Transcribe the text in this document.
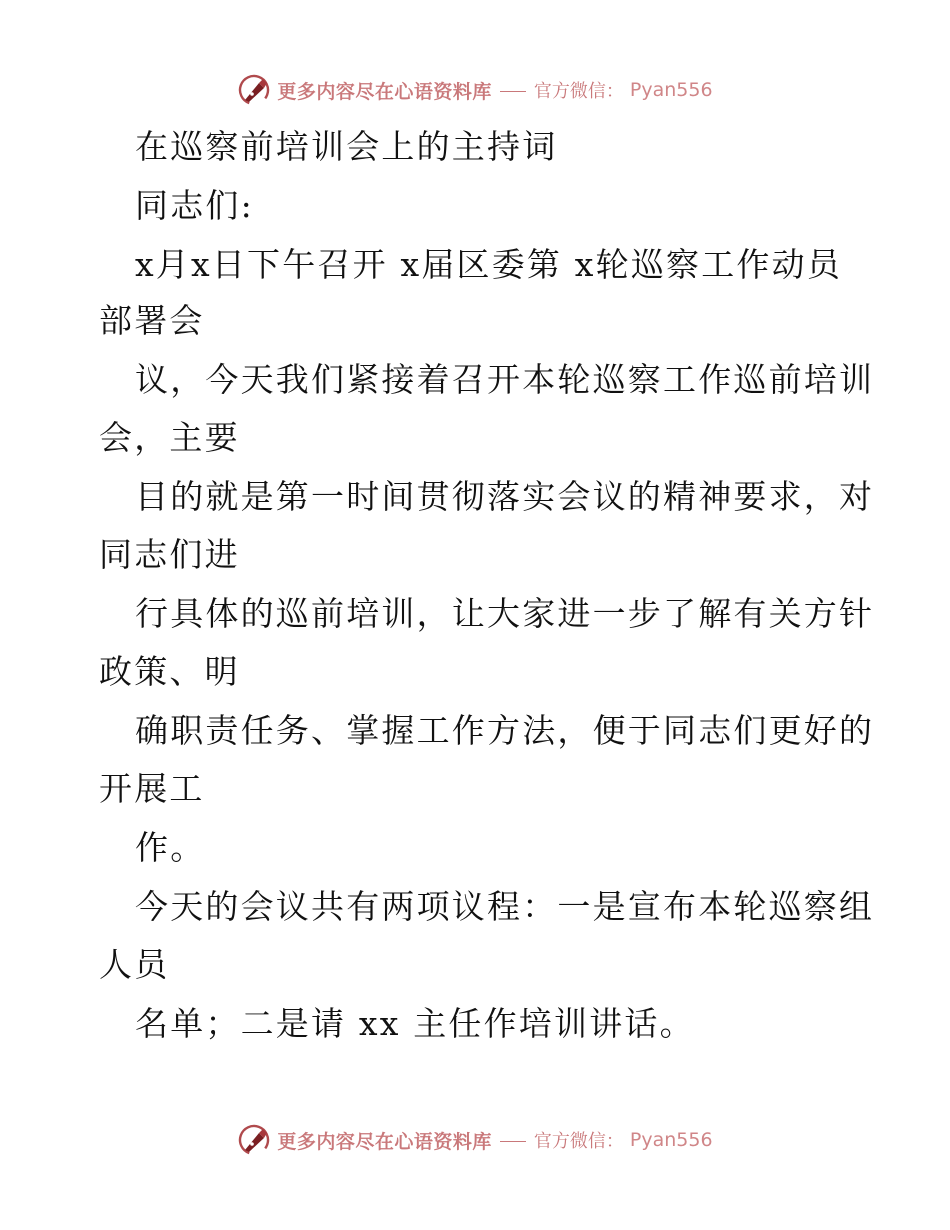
更多内容尽在心语资料库 官方微信： Pyan556
在巡察前培训会上的主持词
同志们:
x月x日下午召开 x届区委第 x轮巡察工作动员
部署会
议，今天我们紧接着召开本轮巡察工作巡前培训
会，主要
目的就是第一时间贯彻落实会议的精神要求，对
同志们进
行具体的巡前培训，让大家进一步了解有关方针
政策、明
确职责任务、掌握工作方法，便于同志们更好的
开展工
作。
今天的会议共有两项议程：一是宣布本轮巡察组
人员
名单；二是请 xx 主任作培训讲话。
更多内容尽在心语资料库 官方微信： Pyan556
